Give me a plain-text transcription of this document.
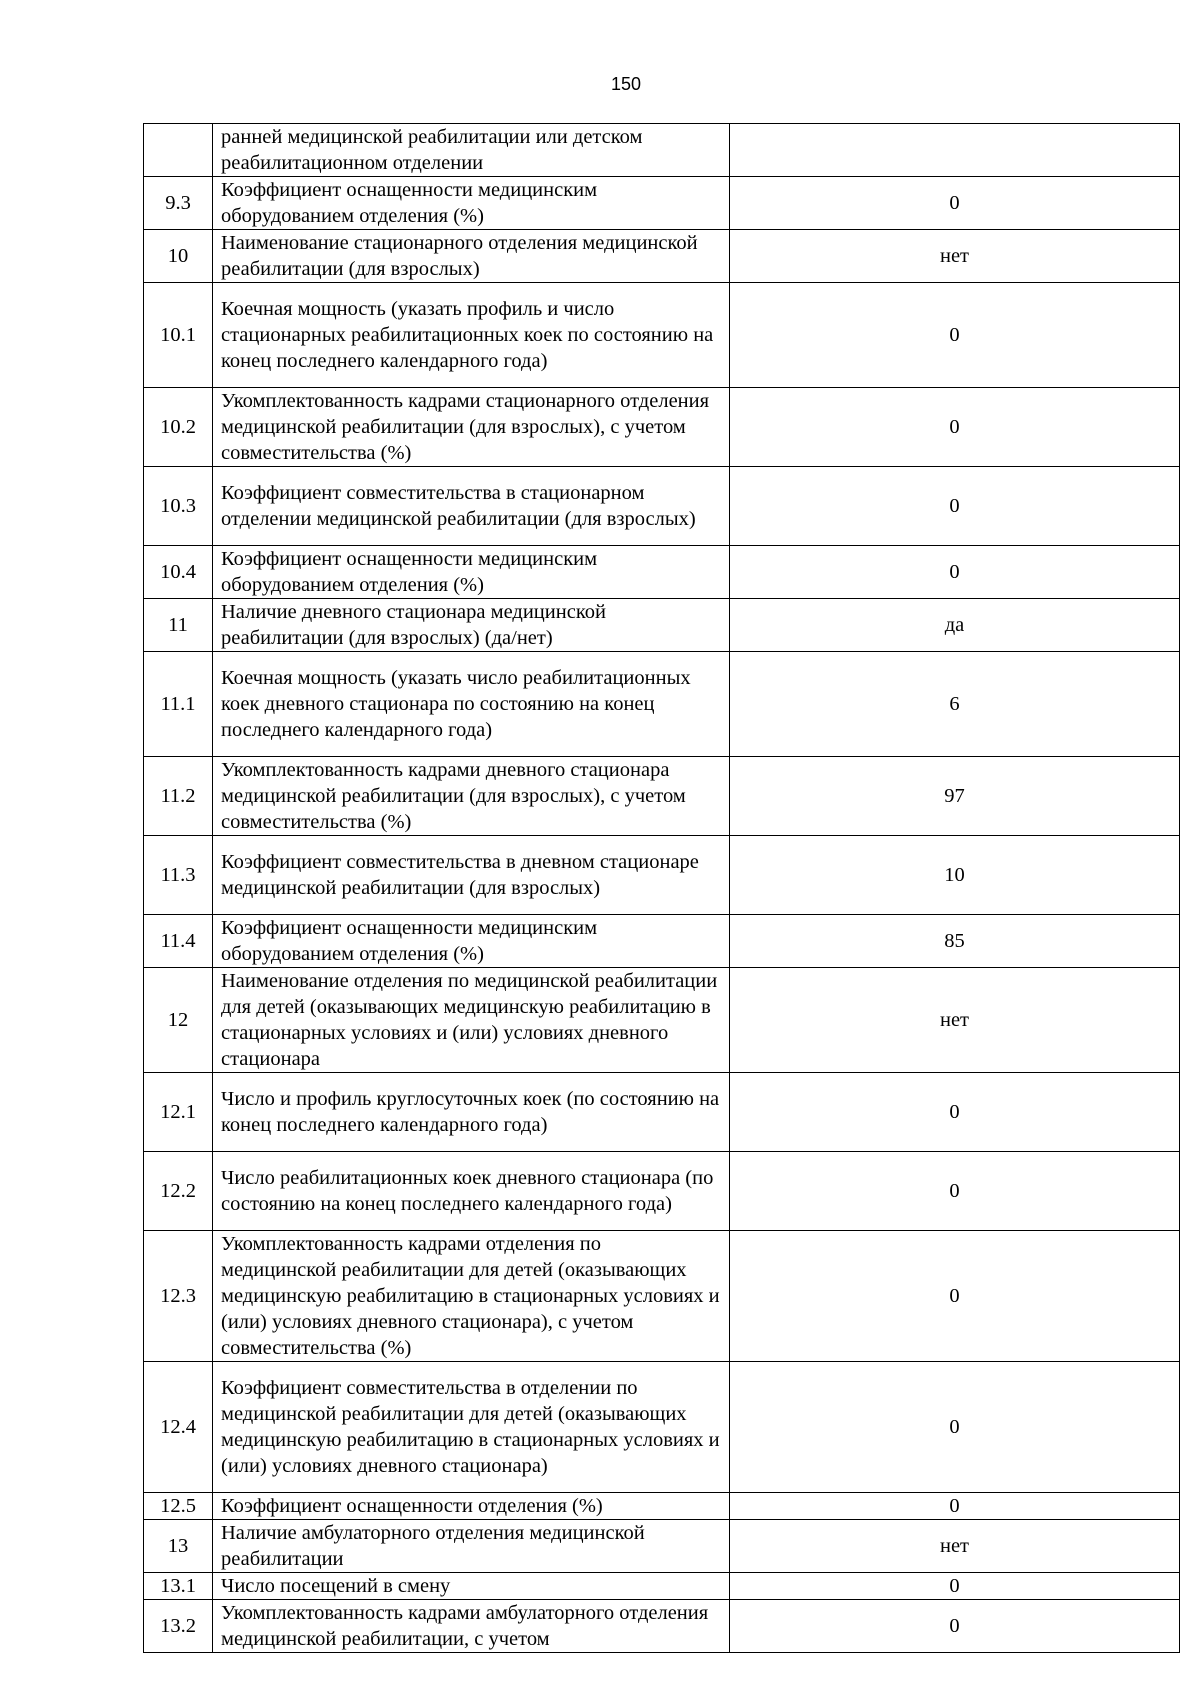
150
	ранней медицинской реабилитации или детском реабилитационном отделении	
9.3	Коэффициент оснащенности медицинским оборудованием отделения (%)	0
10	Наименование стационарного отделения медицинской реабилитации (для взрослых)	нет
10.1	Коечная мощность (указать профиль и число стационарных реабилитационных коек по состоянию на конец последнего календарного года)	0
10.2	Укомплектованность кадрами стационарного отделения медицинской реабилитации (для взрослых), с учетом совместительства (%)	0
10.3	Коэффициент совместительства в стационарном отделении медицинской реабилитации (для взрослых)	0
10.4	Коэффициент оснащенности медицинским оборудованием отделения (%)	0
11	Наличие дневного стационара медицинской реабилитации (для взрослых) (да/нет)	да
11.1	Коечная мощность (указать число реабилитационных коек дневного стационара по состоянию на конец последнего календарного года)	6
11.2	Укомплектованность кадрами дневного стационара медицинской реабилитации (для взрослых), с учетом совместительства (%)	97
11.3	Коэффициент совместительства в дневном стационаре медицинской реабилитации (для взрослых)	10
11.4	Коэффициент оснащенности медицинским оборудованием отделения (%)	85
12	Наименование отделения по медицинской реабилитации для детей (оказывающих медицинскую реабилитацию в стационарных условиях и (или) условиях дневного стационара	нет
12.1	Число и профиль круглосуточных коек (по состоянию на конец последнего календарного года)	0
12.2	Число реабилитационных коек дневного стационара (по состоянию на конец последнего календарного года)	0
12.3	Укомплектованность кадрами отделения по медицинской реабилитации для детей (оказывающих медицинскую реабилитацию в стационарных условиях и (или) условиях дневного стационара), с учетом совместительства (%)	0
12.4	Коэффициент совместительства в отделении по медицинской реабилитации для детей (оказывающих медицинскую реабилитацию в стационарных условиях и (или) условиях дневного стационара)	0
12.5	Коэффициент оснащенности отделения (%)	0
13	Наличие амбулаторного отделения медицинской реабилитации	нет
13.1	Число посещений в смену	0
13.2	Укомплектованность кадрами амбулаторного отделения медицинской реабилитации, с учетом	0
